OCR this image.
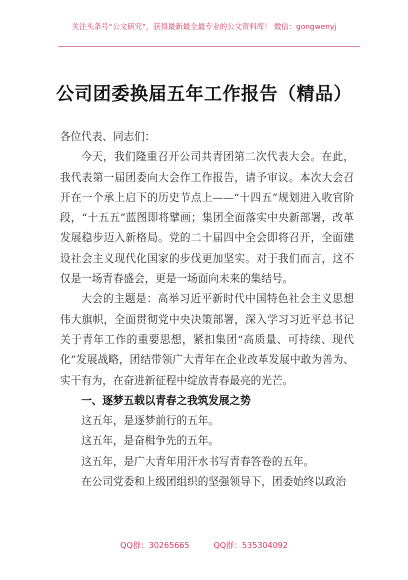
关注头条号“公文研究”，获得最新最全最专业的公文资料库！ 微信：gongwenyj
公司团委换届五年工作报告（精品）

各位代表、同志们：

今天，我们隆重召开公司共青团第二次代表大会。在此，我代表第一届团委向大会作工作报告，请予审议。本次大会召开在一个承上启下的历史节点上——“十四五”规划进入收官阶段，“十五五”蓝图即将擘画；集团全面落实中央新部署，改革发展稳步迈入新格局。党的二十届四中全会即将召开，全面建设社会主义现代化国家的步伐更加坚实。对于我们而言，这不仅是一场青春盛会，更是一场面向未来的集结号。

大会的主题是：高举习近平新时代中国特色社会主义思想伟大旗帜，全面贯彻党中央决策部署，深入学习习近平总书记关于青年工作的重要思想，紧扣集团“高质量、可持续、现代化”发展战略，团结带领广大青年在企业改革发展中敢为善为、实干有为，在奋进新征程中绽放青春最亮的光芒。

一、逐梦五载以青春之我筑发展之势

这五年，是逐梦前行的五年。

这五年，是奋楫争先的五年。

这五年，是广大青年用汗水书写青春答卷的五年。

在公司党委和上级团组织的坚强领导下，团委始终以政治

QQ群：30265665	QQ群：535304092
